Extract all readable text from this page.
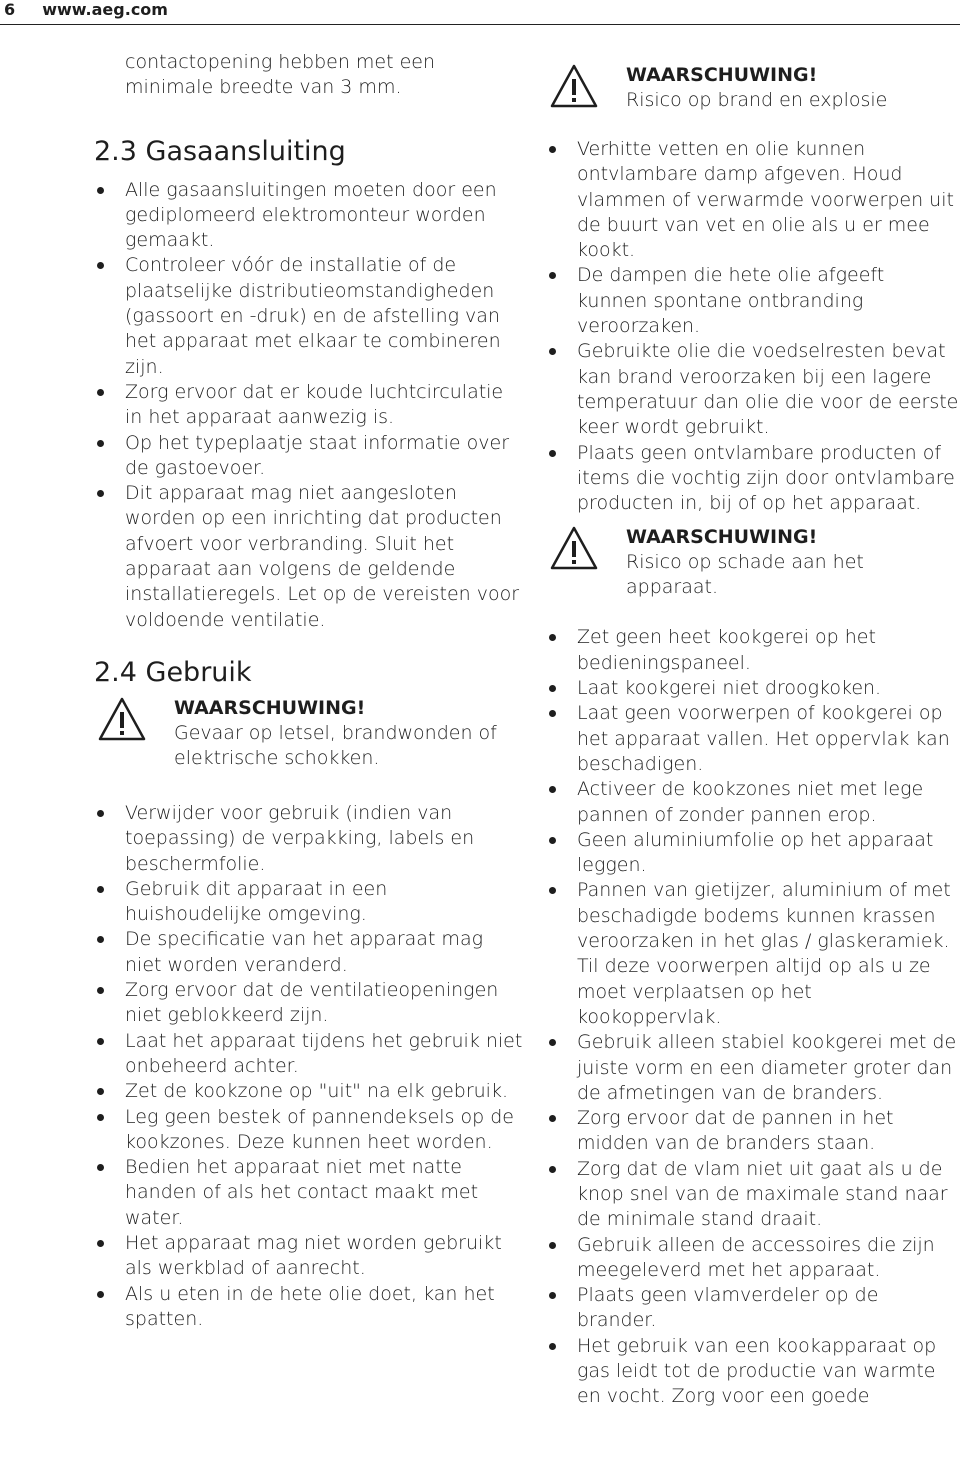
6 www.aeg.com

contactopening hebben met een minimale breedte van 3 mm.

2.3 Gasaansluiting
Alle gasaansluitingen moeten door een gediplomeerd elektromonteur worden gemaakt.
Controleer vóór de installatie of de plaatselijke distributieomstandigheden (gassoort en -druk) en de afstelling van het apparaat met elkaar te combineren zijn.
Zorg ervoor dat er koude luchtcirculatie in het apparaat aanwezig is.
Op het typeplaatje staat informatie over de gastoevoer.
Dit apparaat mag niet aangesloten worden op een inrichting dat producten afvoert voor verbranding. Sluit het apparaat aan volgens de geldende installatieregels. Let op de vereisten voor voldoende ventilatie.
2.4 Gebruik
WAARSCHUWING!
Gevaar op letsel, brandwonden of elektrische schokken.
Verwijder voor gebruik (indien van toepassing) de verpakking, labels en beschermfolie.
Gebruik dit apparaat in een huishoudelijke omgeving.
De specificatie van het apparaat mag niet worden veranderd.
Zorg ervoor dat de ventilatieopeningen niet geblokkeerd zijn.
Laat het apparaat tijdens het gebruik niet onbeheerd achter.
Zet de kookzone op "uit" na elk gebruik.
Leg geen bestek of pannendeksels op de kookzones. Deze kunnen heet worden.
Bedien het apparaat niet met natte handen of als het contact maakt met water.
Het apparaat mag niet worden gebruikt als werkblad of aanrecht.
Als u eten in de hete olie doet, kan het spatten.
WAARSCHUWING!
Risico op brand en explosie
Verhitte vetten en olie kunnen ontvlambare damp afgeven. Houd vlammen of verwarmde voorwerpen uit de buurt van vet en olie als u er mee kookt.
De dampen die hete olie afgeeft kunnen spontane ontbranding veroorzaken.
Gebruikte olie die voedselresten bevat kan brand veroorzaken bij een lagere temperatuur dan olie die voor de eerste keer wordt gebruikt.
Plaats geen ontvlambare producten of items die vochtig zijn door ontvlambare producten in, bij of op het apparaat.
WAARSCHUWING!
Risico op schade aan het apparaat.
Zet geen heet kookgerei op het bedieningspaneel.
Laat kookgerei niet droogkoken.
Laat geen voorwerpen of kookgerei op het apparaat vallen. Het oppervlak kan beschadigen.
Activeer de kookzones niet met lege pannen of zonder pannen erop.
Geen aluminiumfolie op het apparaat leggen.
Pannen van gietijzer, aluminium of met beschadigde bodems kunnen krassen veroorzaken in het glas / glaskeramiek. Til deze voorwerpen altijd op als u ze moet verplaatsen op het kookoppervlak.
Gebruik alleen stabiel kookgerei met de juiste vorm en een diameter groter dan de afmetingen van de branders.
Zorg ervoor dat de pannen in het midden van de branders staan.
Zorg dat de vlam niet uit gaat als u de knop snel van de maximale stand naar de minimale stand draait.
Gebruik alleen de accessoires die zijn meegeleverd met het apparaat.
Plaats geen vlamverdeler op de brander.
Het gebruik van een kookapparaat op gas leidt tot de productie van warmte en vocht. Zorg voor een goede
